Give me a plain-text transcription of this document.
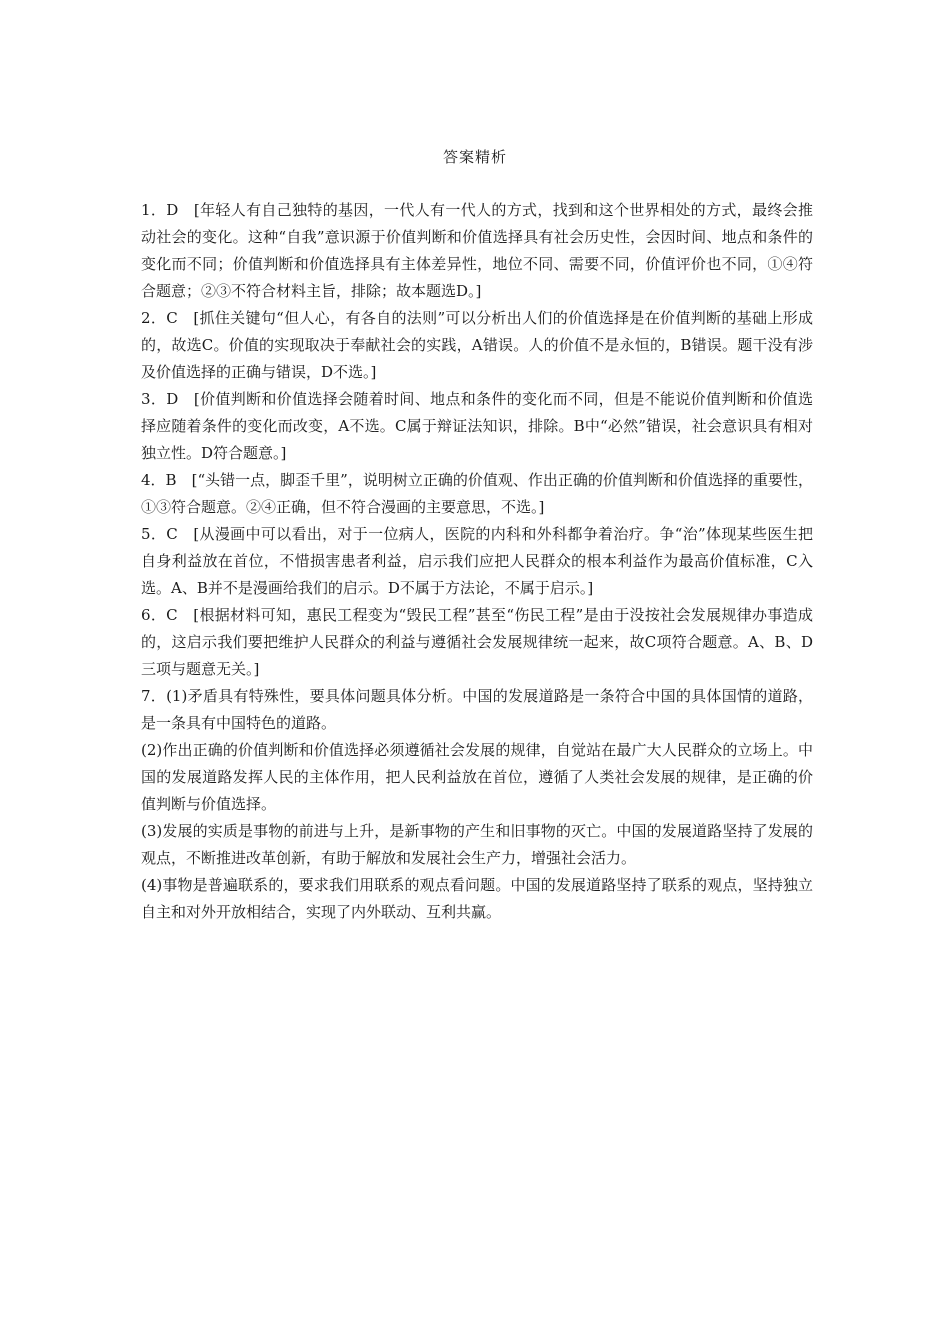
答案精析

1．D　[年轻人有自己独特的基因，一代人有一代人的方式，找到和这个世界相处的方式，最终会推动社会的变化。这种“自我”意识源于价值判断和价值选择具有社会历史性，会因时间、地点和条件的变化而不同；价值判断和价值选择具有主体差异性，地位不同、需要不同，价值评价也不同，①④符合题意；②③不符合材料主旨，排除；故本题选D。]

2．C　[抓住关键句“但人心，有各自的法则”可以分析出人们的价值选择是在价值判断的基础上形成的，故选C。价值的实现取决于奉献社会的实践，A错误。人的价值不是永恒的，B错误。题干没有涉及价值选择的正确与错误，D不选。]

3．D　[价值判断和价值选择会随着时间、地点和条件的变化而不同，但是不能说价值判断和价值选择应随着条件的变化而改变，A不选。C属于辩证法知识，排除。B中“必然”错误，社会意识具有相对独立性。D符合题意。]

4．B　[“头错一点，脚歪千里”，说明树立正确的价值观、作出正确的价值判断和价值选择的重要性，①③符合题意。②④正确，但不符合漫画的主要意思，不选。]

5．C　[从漫画中可以看出，对于一位病人，医院的内科和外科都争着治疗。争“治”体现某些医生把自身利益放在首位，不惜损害患者利益，启示我们应把人民群众的根本利益作为最高价值标准，C入选。A、B并不是漫画给我们的启示。D不属于方法论，不属于启示。]

6．C　[根据材料可知，惠民工程变为“毁民工程”甚至“伤民工程”是由于没按社会发展规律办事造成的，这启示我们要把维护人民群众的利益与遵循社会发展规律统一起来，故C项符合题意。A、B、D三项与题意无关。]

7．(1)矛盾具有特殊性，要具体问题具体分析。中国的发展道路是一条符合中国的具体国情的道路，是一条具有中国特色的道路。

(2)作出正确的价值判断和价值选择必须遵循社会发展的规律，自觉站在最广大人民群众的立场上。中国的发展道路发挥人民的主体作用，把人民利益放在首位，遵循了人类社会发展的规律，是正确的价值判断与价值选择。

(3)发展的实质是事物的前进与上升，是新事物的产生和旧事物的灭亡。中国的发展道路坚持了发展的观点，不断推进改革创新，有助于解放和发展社会生产力，增强社会活力。

(4)事物是普遍联系的，要求我们用联系的观点看问题。中国的发展道路坚持了联系的观点，坚持独立自主和对外开放相结合，实现了内外联动、互利共赢。
